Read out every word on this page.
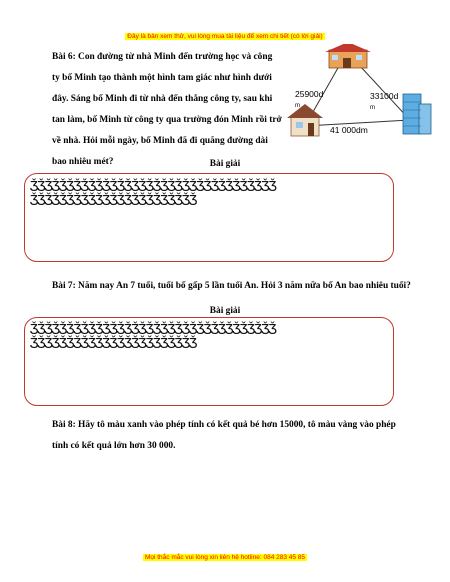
Đây là bản xem thử, vui lòng mua tài liệu để xem chi tiết (có lời giải)
Bài 6: Con đường từ nhà Minh đến trường học và công ty bố Minh tạo thành một hình tam giác như hình dưới đây. Sáng bố Minh đi từ nhà đến thẳng công ty, sau khi tan làm, bố Minh từ công ty qua trường đón Minh rồi trở về nhà. Hỏi mỗi ngày, bố Minh đã đi quãng đường dài bao nhiêu mét?
25900d
m
33100d
m
41 000dm
Bài giải
ǮǮǮǮǮǮǮǮǮǮǮǮǮǮǮǮǮǮǮǮǮǮǮǮǮǮǮǮǮǮǮǮǮǮ
ǮǮǮǮǮǮǮǮǮǮǮǮǮǮǮǮǮǮǮǮǮǮǮ
Bài 7: Năm nay An 7 tuổi, tuổi bố gấp 5 lần tuổi An. Hỏi 3 năm nữa bố An bao nhiêu tuổi?
Bài giải
ǮǮǮǮǮǮǮǮǮǮǮǮǮǮǮǮǮǮǮǮǮǮǮǮǮǮǮǮǮǮǮǮǮǮ
ǮǮǮǮǮǮǮǮǮǮǮǮǮǮǮǮǮǮǮǮǮǮǮ
Bài 8: Hãy tô màu xanh vào phép tính có kết quả bé hơn 15000, tô màu vàng vào phép tính có kết quả lớn hơn 30 000.
Mọi thắc mắc vui lòng xin liên hệ hotline: 084 283 45 85
